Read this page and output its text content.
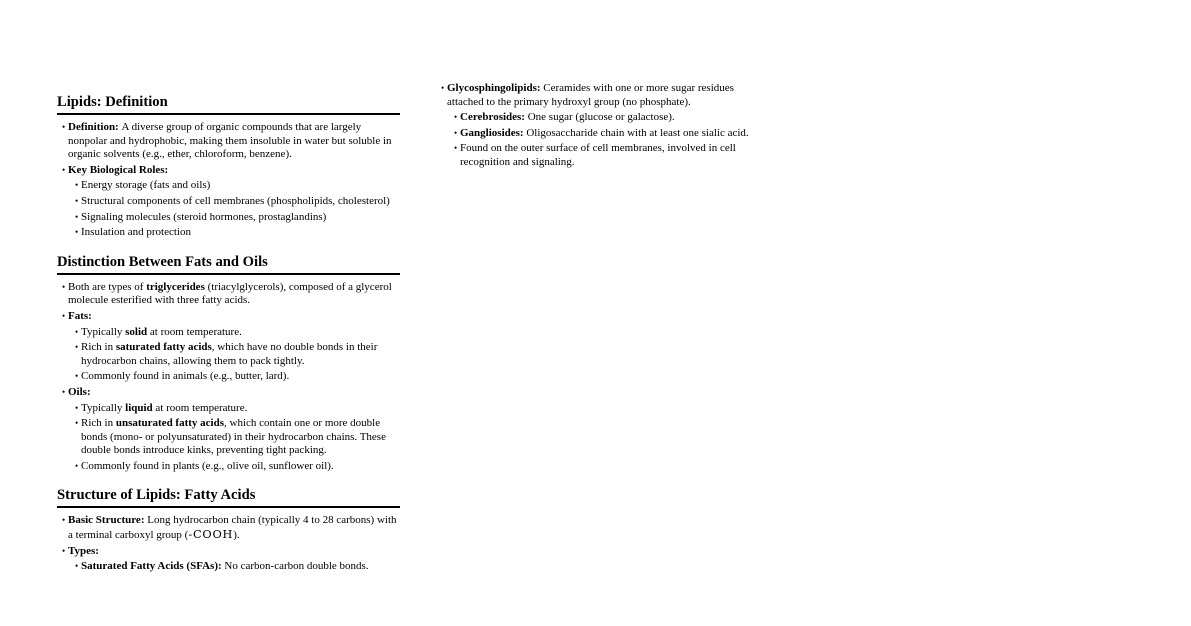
Lipids: Definition
• Definition: A diverse group of organic compounds that are largely nonpolar and hydrophobic, making them insoluble in water but soluble in organic solvents (e.g., ether, chloroform, benzene).
• Key Biological Roles:
• Energy storage (fats and oils)
• Structural components of cell membranes (phospholipids, cholesterol)
• Signaling molecules (steroid hormones, prostaglandins)
• Insulation and protection
Distinction Between Fats and Oils
• Both are types of triglycerides (triacylglycerols), composed of a glycerol molecule esterified with three fatty acids.
• Fats:
• Typically solid at room temperature.
• Rich in saturated fatty acids, which have no double bonds in their hydrocarbon chains, allowing them to pack tightly.
• Commonly found in animals (e.g., butter, lard).
• Oils:
• Typically liquid at room temperature.
• Rich in unsaturated fatty acids, which contain one or more double bonds (mono- or polyunsaturated) in their hydrocarbon chains. These double bonds introduce kinks, preventing tight packing.
• Commonly found in plants (e.g., olive oil, sunflower oil).
Structure of Lipids: Fatty Acids
• Basic Structure: Long hydrocarbon chain (typically 4 to 28 carbons) with a terminal carboxyl group (-COOH).
• Types:
• Saturated Fatty Acids (SFAs): No carbon-carbon double bonds.
• Glycosphingolipids: Ceramides with one or more sugar residues attached to the primary hydroxyl group (no phosphate).
• Cerebrosides: One sugar (glucose or galactose).
• Gangliosides: Oligosaccharide chain with at least one sialic acid.
• Found on the outer surface of cell membranes, involved in cell recognition and signaling.
